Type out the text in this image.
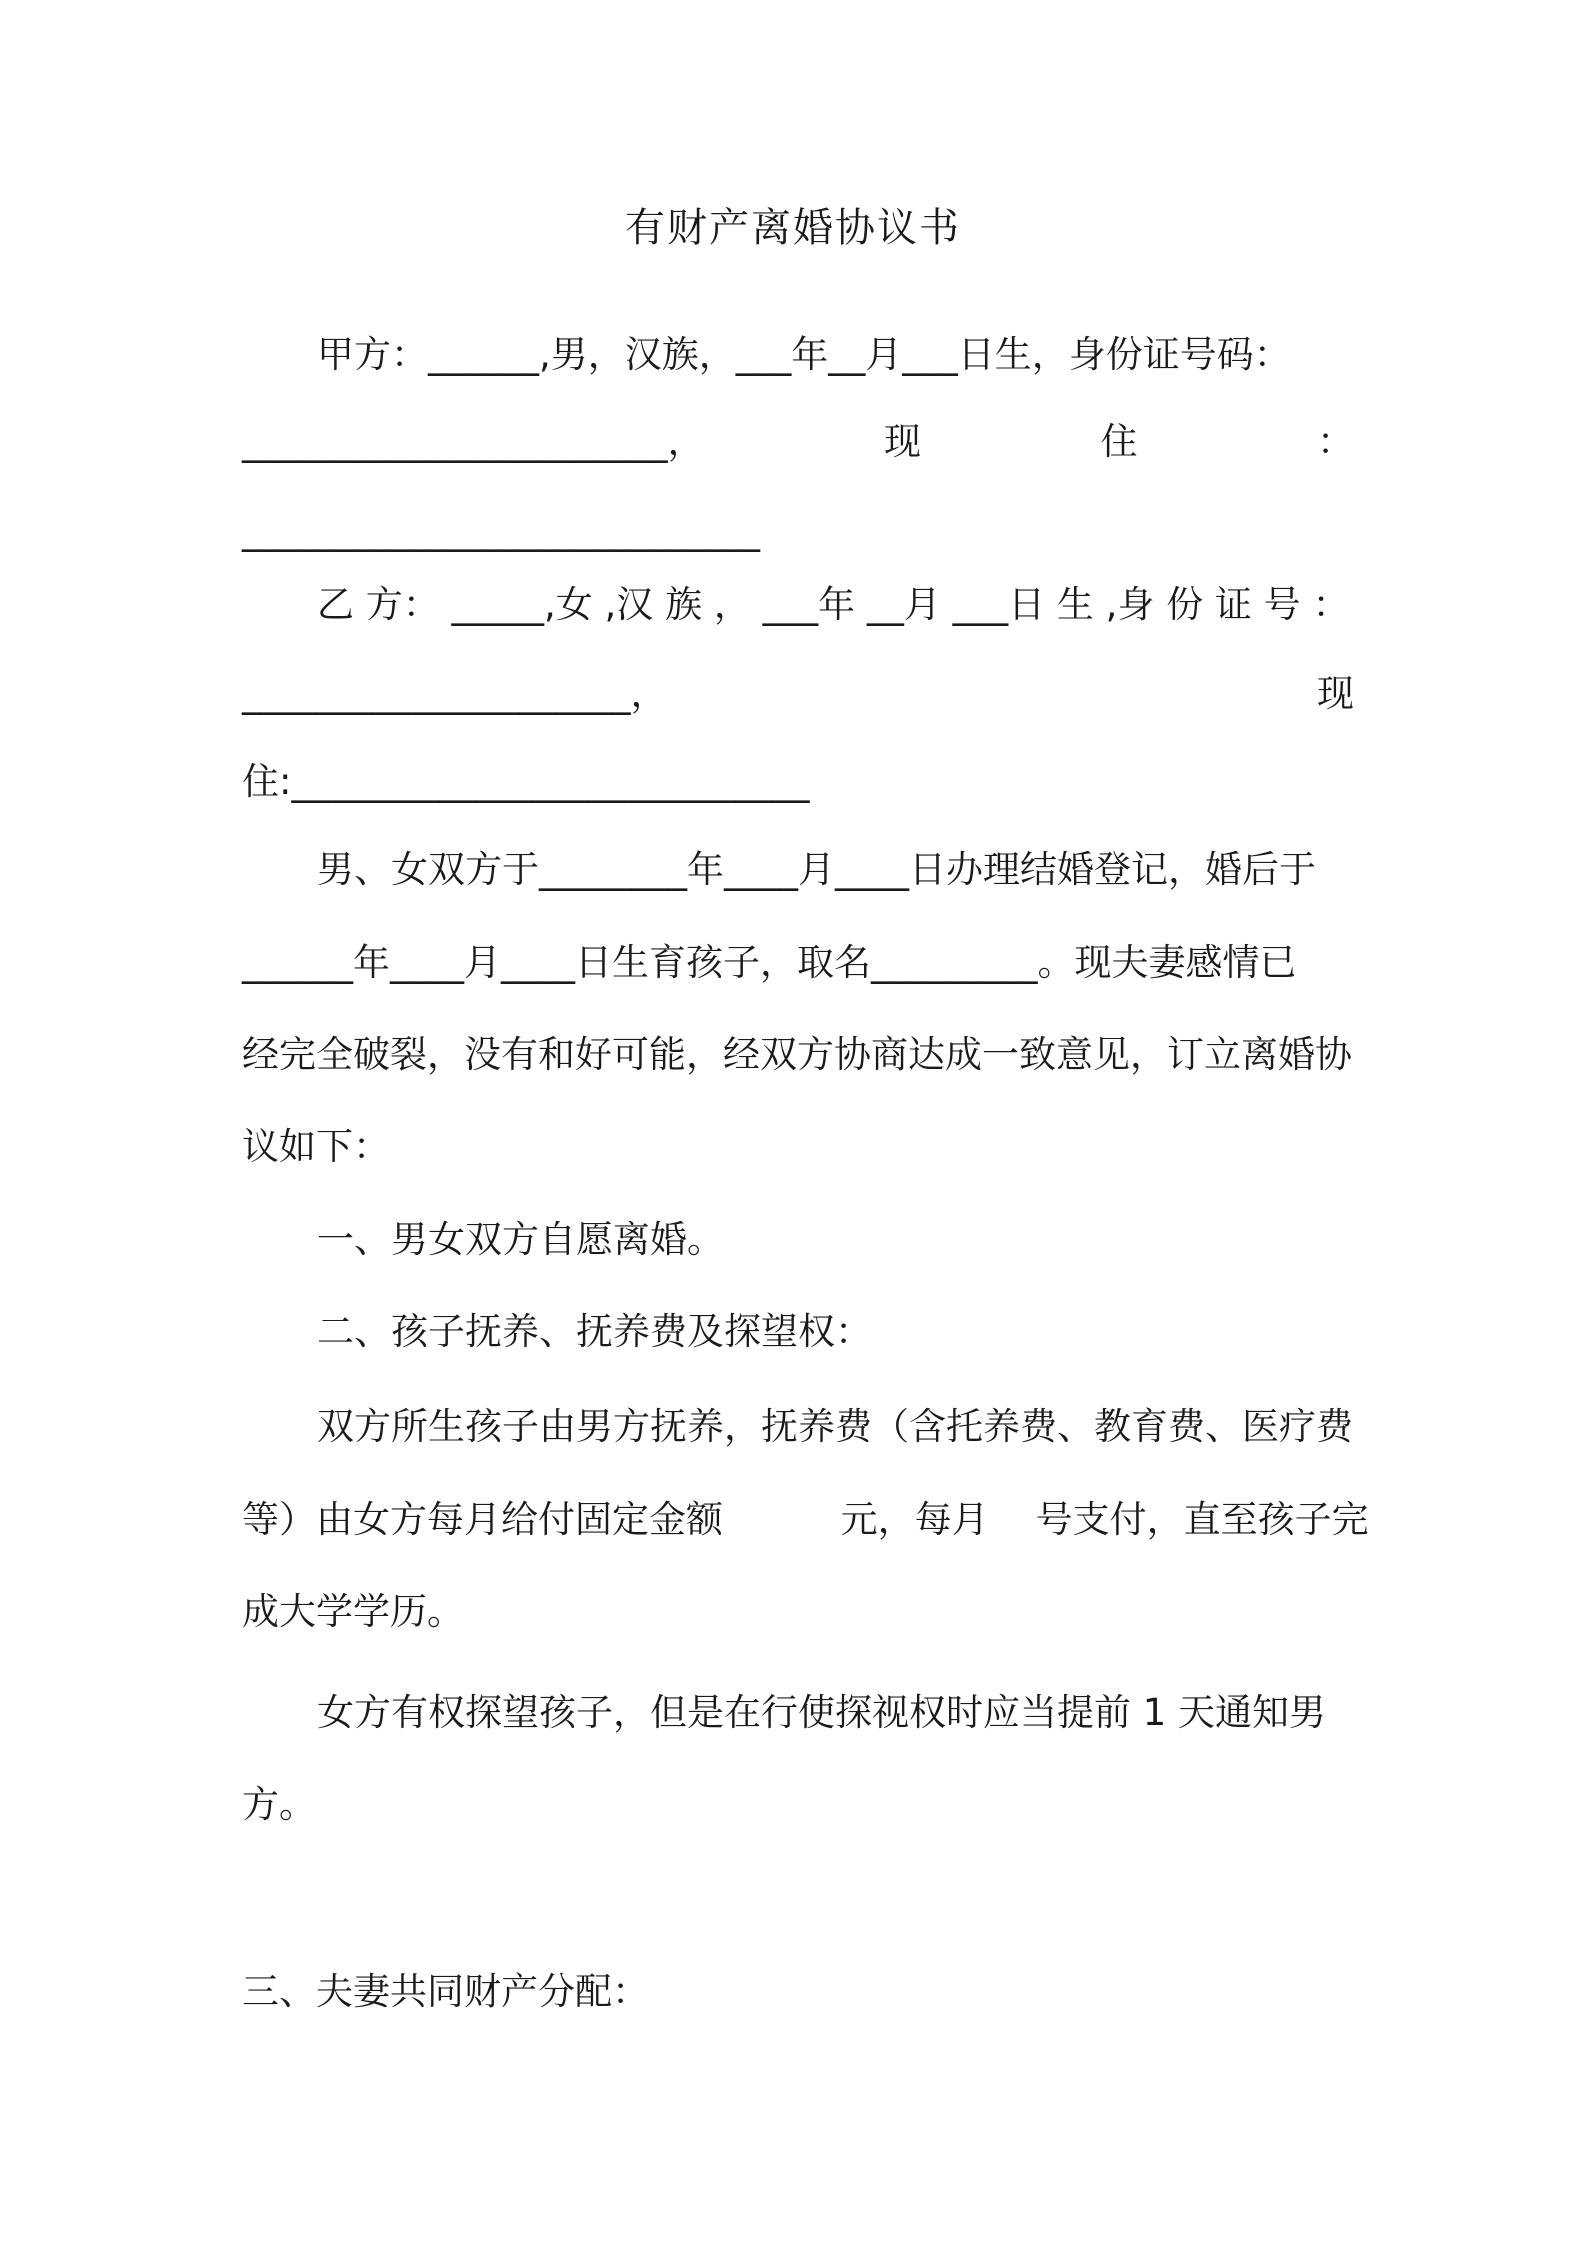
有财产离婚协议书
甲方：______,男，汉族，___年__月___日生，身份证号码：
_______________________，	现	住	：
____________________________
乙 方： _____,女 ,汉 族 ， ___年 __月 ___日 生 ,身 份 证 号 ：
_____________________，	现
住:____________________________
男、女双方于________年____月____日办理结婚登记，婚后于
______年____月____日生育孩子，取名_________。现夫妻感情已
经完全破裂，没有和好可能，经双方协商达成一致意见，订立离婚协
议如下：
一、男女双方自愿离婚。
二、孩子抚养、抚养费及探望权：
双方所生孩子由男方抚养，抚养费（含托养费、教育费、医疗费
等）由女方每月给付固定金额          元，每月    号支付，直至孩子完
成大学学历。
女方有权探望孩子，但是在行使探视权时应当提前 1 天通知男
方。
三、夫妻共同财产分配：
